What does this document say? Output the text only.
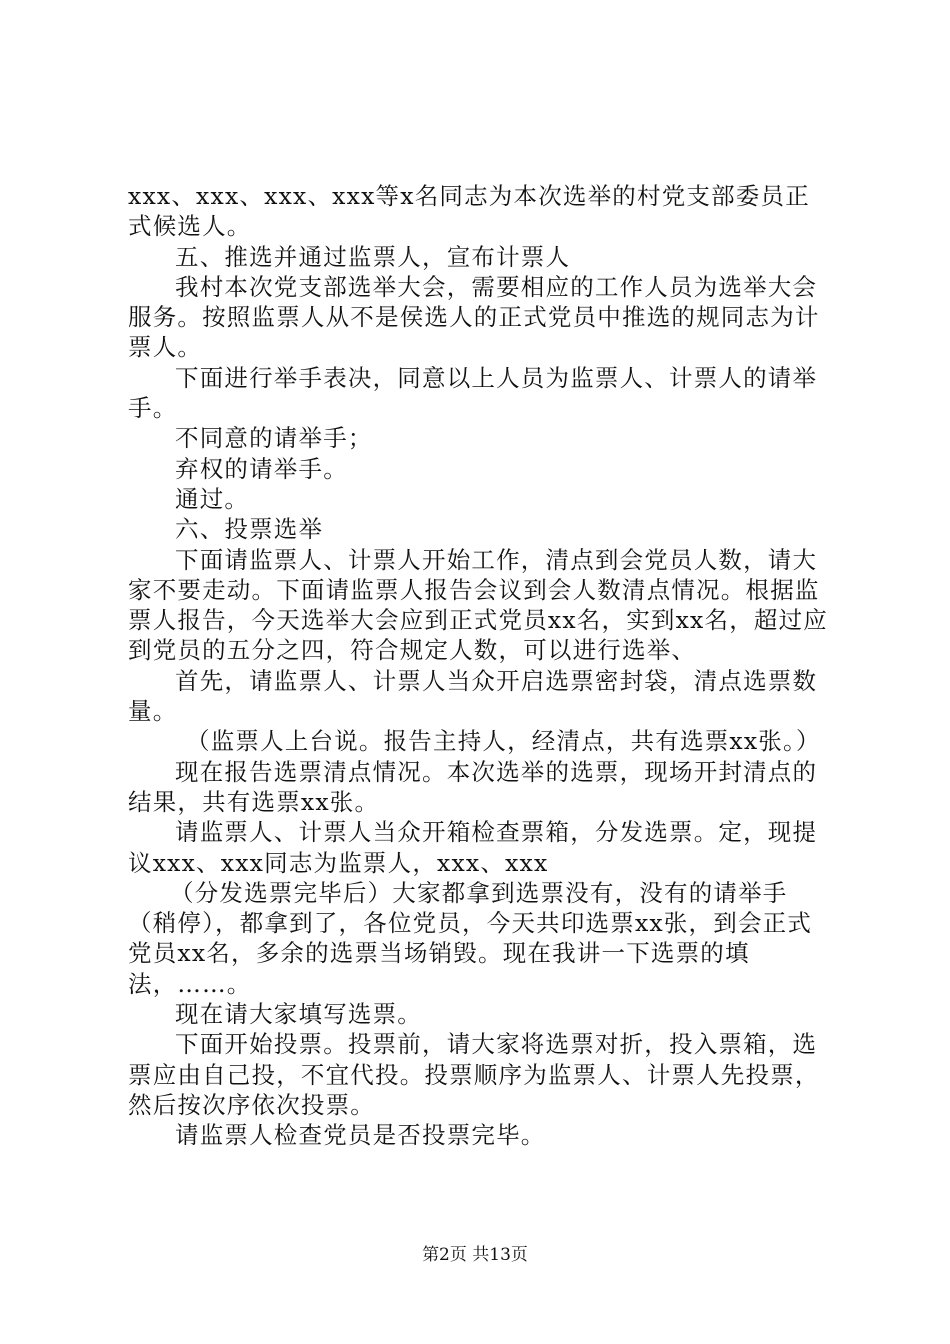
xxx、xxx、xxx、xxx等x名同志为本次选举的村党支部委员正式候选人。

五、推选并通过监票人，宣布计票人

我村本次党支部选举大会，需要相应的工作人员为选举大会服务。按照监票人从不是侯选人的正式党员中推选的规同志为计票人。

下面进行举手表决，同意以上人员为监票人、计票人的请举手。

不同意的请举手；

弃权的请举手。

通过。

六、投票选举

下面请监票人、计票人开始工作，清点到会党员人数，请大家不要走动。下面请监票人报告会议到会人数清点情况。根据监票人报告，今天选举大会应到正式党员xx名，实到xx名，超过应到党员的五分之四，符合规定人数，可以进行选举、

首先，请监票人、计票人当众开启选票密封袋，清点选票数量。

（监票人上台说。报告主持人，经清点，共有选票xx张。）

现在报告选票清点情况。本次选举的选票，现场开封清点的结果，共有选票xx张。

请监票人、计票人当众开箱检查票箱，分发选票。定，现提议xxx、xxx同志为监票人，xxx、xxx

（分发选票完毕后）大家都拿到选票没有，没有的请举手（稍停），都拿到了，各位党员，今天共印选票xx张，到会正式党员xx名，多余的选票当场销毁。现在我讲一下选票的填法，……。

现在请大家填写选票。

下面开始投票。投票前，请大家将选票对折，投入票箱，选票应由自己投，不宜代投。投票顺序为监票人、计票人先投票，然后按次序依次投票。

请监票人检查党员是否投票完毕。

第2页 共13页
